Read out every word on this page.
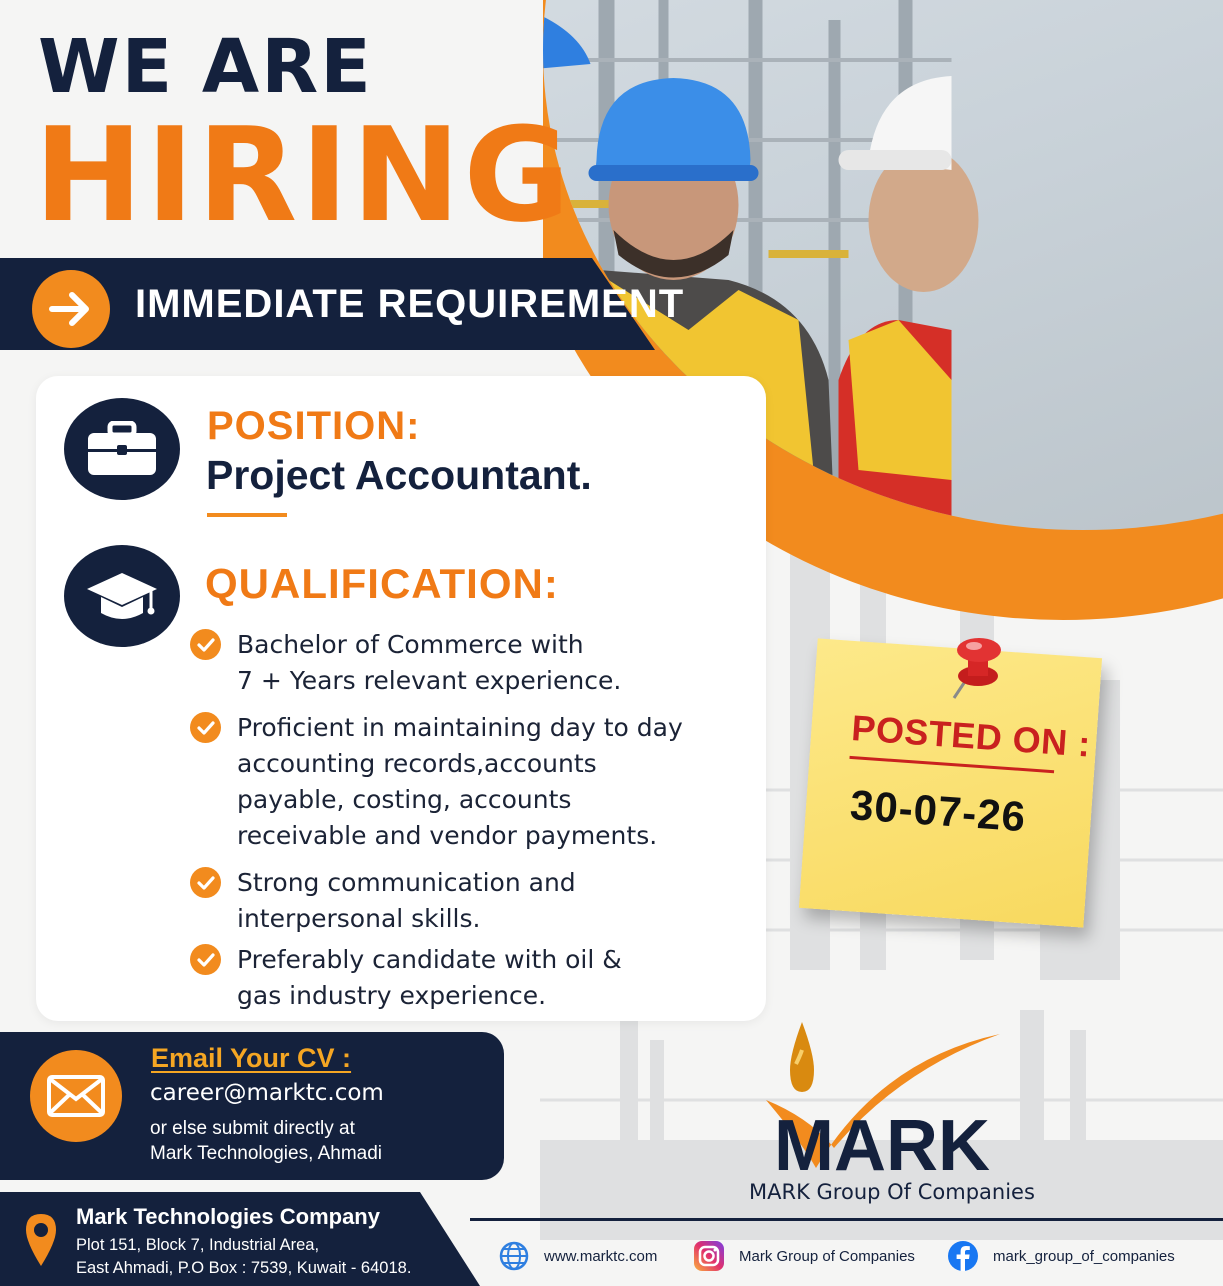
WE ARE
HIRING
IMMEDIATE REQUIREMENT
POSITION:
Project Accountant.
QUALIFICATION:
Bachelor of Commerce with
7 + Years relevant experience.
Proficient in maintaining day to day
accounting records,accounts
payable, costing, accounts
receivable and vendor payments.
Strong communication and
interpersonal skills.
Preferably candidate with oil &
gas industry experience.
POSTED ON :
30-07-26
Email Your CV :
career@marktc.com
or else submit directly at
Mark Technologies, Ahmadi	MARK
MARK Group Of Companies
Mark Technologies Company
Plot 151, Block 7, Industrial Area,
East Ahmadi, P.O Box : 7539, Kuwait - 64018.
www.marktc.com	Mark Group of Companies	mark_group_of_companies
